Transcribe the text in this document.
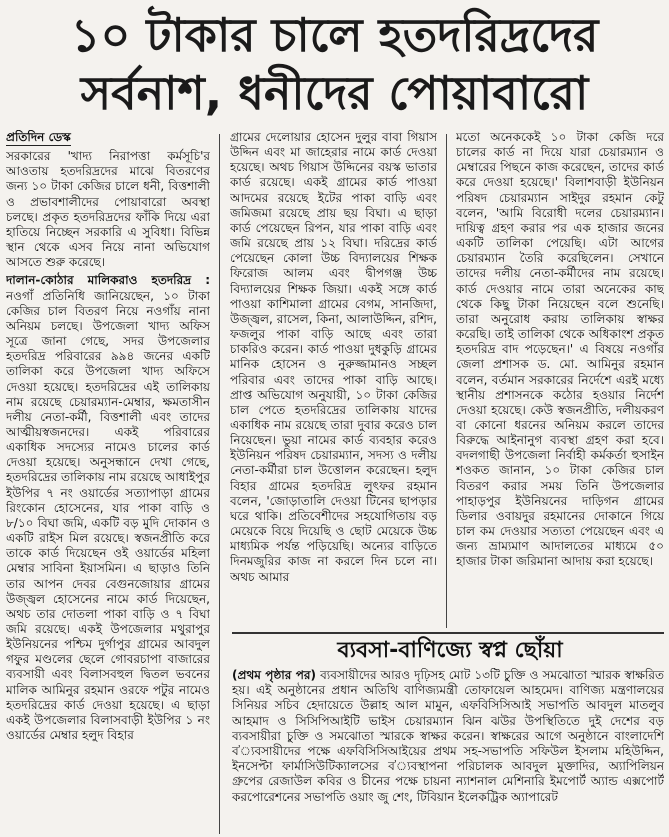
১০ টাকার চালে হতদরিদ্রদের
সর্বনাশ, ধনীদের পোয়াবারো
প্রতিদিন ডেস্ক

সরকারের 'খাদ্য নিরাপত্তা কর্মসূচি'র আওতায় হতদরিদ্রদের মাঝে বিতরণের জন্য ১০ টাকা কেজির চালে ধনী, বিত্তশালী ও প্রভাবশালীদের পোয়াবারো অবস্থা চলছে। প্রকৃত হতদরিদ্রদের ফাঁকি দিয়ে এরা হাতিয়ে নিচ্ছেন সরকারি এ সুবিধা। বিভিন্ন স্থান থেকে এসব নিয়ে নানা অভিযোগ আসতে শুরু করেছে।

দালান-কোঠার মালিকরাও হতদরিদ্র : নওগাঁ প্রতিনিধি জানিয়েছেন, ১০ টাকা কেজির চাল বিতরণ নিয়ে নওগাঁয় নানা অনিয়ম চলছে। উপজেলা খাদ্য অফিস সূত্রে জানা গেছে, সদর উপজেলার হতদরিদ্র পরিবারের ৯৯৪ জনের একটি তালিকা করে উপজেলা খাদ্য অফিসে দেওয়া হয়েছে। হতদরিদ্রের এই তালিকায় নাম রয়েছে চেয়ারম্যান-মেম্বার, ক্ষমতাসীন দলীয় নেতা-কর্মী, বিত্তশালী এবং তাদের আত্মীয়স্বজনদের। একই পরিবারের একাধিক সদস্যের নামেও চালের কার্ড দেওয়া হয়েছে। অনুসন্ধানে দেখা গেছে, হতদরিদ্রের তালিকায় নাম রয়েছে আধাইপুর ইউপির ৭ নং ওয়ার্ডের সত্যাপাড়া গ্রামের রিংকোন হোসেনের, যার পাকা বাড়ি ও ৮/১০ বিঘা জমি, একটি বড় মুদি দোকান ও একটি রাইস মিল রয়েছে। স্বজনপ্রীতি করে তাকে কার্ড দিয়েছেন ওই ওয়ার্ডের মহিলা মেম্বার সাবিনা ইয়াসমিন। এ ছাড়াও তিনি তার আপন দেবর বেগুনজোয়ার গ্রামের উজ্জ্বল হোসেনের নামে কার্ড দিয়েছেন, অথচ তার দোতলা পাকা বাড়ি ও ৭ বিঘা জমি রয়েছে। একই উপজেলার মথুরাপুর ইউনিয়নের পশ্চিম দুর্গাপুর গ্রামের আবদুল গফুর মণ্ডলের ছেলে গোবরচাপা বাজারের ব্যবসায়ী এবং বিলাসবহুল দ্বিতল ভবনের মালিক আমিনুর রহমান ওরফে পটুর নামেও হতদরিদ্রের কার্ড দেওয়া হয়েছে। এ ছাড়া একই উপজেলার বিলাসবাড়ী ইউপির ১ নং ওয়ার্ডের মেম্বার হলুদ বিহার

গ্রামের দেলোয়ার হোসেন দুলুর বাবা গিয়াস উদ্দিন এবং মা জাহেরার নামে কার্ড দেওয়া হয়েছে। অথচ গিয়াস উদ্দিনের বয়স্ক ভাতার কার্ড রয়েছে। একই গ্রামের কার্ড পাওয়া আদমের রয়েছে ইটের পাকা বাড়ি এবং জমিজমা রয়েছে প্রায় ছয় বিঘা। এ ছাড়া কার্ড পেয়েছেন রিপন, যার পাকা বাড়ি এবং জমি রয়েছে প্রায় ১২ বিঘা। দরিদ্রের কার্ড পেয়েছেন কোলা উচ্চ বিদ্যালয়ের শিক্ষক ফিরোজ আলম এবং দ্বীপগঞ্জ উচ্চ বিদ্যালয়ের শিক্ষক জিয়া। একই সঙ্গে কার্ড পাওয়া কাশিমালা গ্রামের বেগম, সানজিদা, উজ্জ্বল, রাসেল, কিনা, আলাউদ্দিন, রশিদ, ফজলুর পাকা বাড়ি আছে এবং তারা চাকরিও করেন। কার্ড পাওয়া দুধকুড়ি গ্রামের মানিক হোসেন ও নুরুজ্জামানও সচ্ছল পরিবার এবং তাদের পাকা বাড়ি আছে। প্রাপ্ত অভিযোগ অনুযায়ী, ১০ টাকা কেজির চাল পেতে হতদরিদ্রের তালিকায় যাদের একাধিক নাম রয়েছে তারা দুবার করেও চাল নিয়েছেন। ভুয়া নামের কার্ড ব্যবহার করেও ইউনিয়ন পরিষদ চেয়ারম্যান, সদস্য ও দলীয় নেতা-কর্মীরা চাল উত্তোলন করেছেন। হলুদ বিহার গ্রামের হতদরিদ্র লুৎফর রহমান বলেন, 'জোড়াতালি দেওয়া টিনের ছাপড়ার ঘরে থাকি। প্রতিবেশীদের সহযোগিতায় বড় মেয়েকে বিয়ে দিয়েছি ও ছোট মেয়েকে উচ্চ মাধ্যমিক পর্যন্ত পড়িয়েছি। অন্যের বাড়িতে দিনমজুরির কাজ না করলে দিন চলে না। অথচ আমার

মতো অনেককেই ১০ টাকা কেজি দরে চালের কার্ড না দিয়ে যারা চেয়ারম্যান ও মেম্বারের পিছনে কাজ করেছেন, তাদের কার্ড করে দেওয়া হয়েছে।' বিলাশবাড়ী ইউনিয়ন পরিষদ চেয়ারম্যান সাইদুর রহমান কেটু বলেন, 'আমি বিরোধী দলের চেয়ারম্যান। দায়িত্ব গ্রহণ করার পর এক হাজার জনের একটি তালিকা পেয়েছি। এটা আগের চেয়ারম্যান তৈরি করেছিলেন। সেখানে তাদের দলীয় নেতা-কর্মীদের নাম রয়েছে। কার্ড দেওয়ার নামে তারা অনেকের কাছ থেকে কিছু টাকা নিয়েছেন বলে শুনেছি। তারা অনুরোধ করায় তালিকায় স্বাক্ষর করেছি। তাই তালিকা থেকে অধিকাংশ প্রকৃত হতদরিদ্র বাদ পড়েছেন।' এ বিষয়ে নওগাঁর জেলা প্রশাসক ড. মো. আমিনুর রহমান বলেন, বর্তমান সরকারের নির্দেশে এরই মধ্যে স্থানীয় প্রশাসনকে কঠোর হওয়ার নির্দেশ দেওয়া হয়েছে। কেউ স্বজনপ্রীতি, দলীয়করণ বা কোনো ধরনের অনিয়ম করলে তাদের বিরুদ্ধে আইনানুগ ব্যবস্থা গ্রহণ করা হবে। বদলগাছী উপজেলা নির্বাহী কর্মকর্তা হুসাইন শওকত জানান, ১০ টাকা কেজির চাল বিতরণ করার সময় তিনি উপজেলার পাহাড়পুর ইউনিয়নের দাড়িগন গ্রামের ডিলার ওবায়দুর রহমানের দোকানে গিয়ে চাল কম দেওয়ার সত্যতা পেয়েছেন এবং এ জন্য ভ্রাম্যমাণ আদালতের মাধ্যমে ৫০ হাজার টাকা জরিমানা আদায় করা হয়েছে।

ব্যবসা-বাণিজ্যে স্বপ্ন ছোঁয়া
(প্রথম পৃষ্ঠার পর) ব্যবসায়ীদের আরও দৃঢ়িসহ মোট ১৩টি চুক্তি ও সমঝোতা স্মারক স্বাক্ষরিত হয়। এই অনুষ্ঠানের প্রধান অতিথি বাণিজ্যমন্ত্রী তোফায়েল আহমেদ। বাণিজ্য মন্ত্রণালয়ের সিনিয়র সচিব হেদায়েতে উল্লাহ আল মামুন, এফবিসিসিআই সভাপতি আবদুল মাতলুব আহমাদ ও সিসিপিআইটি ভাইস চেয়ারম্যান ঝিন ঝউর উপস্থিতিতে দুই দেশের বড় ব্যবসায়ীরা চুক্তি ও সমঝোতা স্মারকে স্বাক্ষর করেন। স্বাক্ষরের আগে অনুষ্ঠানে বাংলাদেশি ব'্যবসায়ীদের পক্ষে এফবিসিসিআইয়ের প্রথম সহ-সভাপতি সফিউল ইসলাম মহিউদ্দিন, ইনসেপ্টা ফার্মাসিউটিক্যালসের ব'্যবস্থাপনা পরিচালক আবদুল মুক্তাদির, অ্যাপিলিয়ন গ্রুপের রেজাউল কবির ও চীনের পক্ষে চায়না ন্যাশনাল মেশিনারি ইমপোর্ট অ্যান্ড এক্সপোর্ট করপোরেশনের সভাপতি ওয়াং জু শেং, টিবিয়ান ইলেকট্রিক অ্যাপারেট
